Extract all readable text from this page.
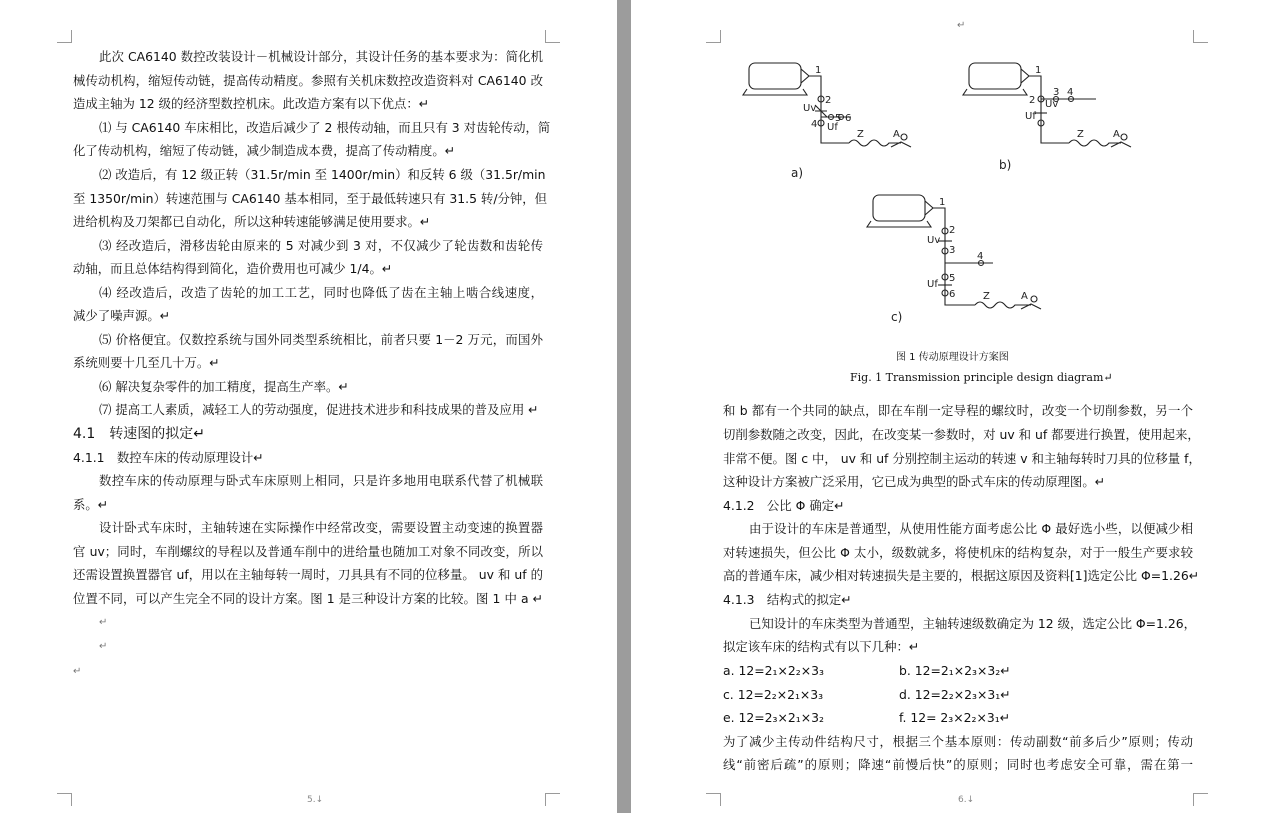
此次 CA6140 数控改装设计－机械设计部分，其设计任务的基本要求为：简化机
械传动机构，缩短传动链，提高传动精度。参照有关机床数控改造资料对 CA6140 改
造成主轴为 12 级的经济型数控机床。此改造方案有以下优点：↵
⑴ 与 CA6140 车床相比，改造后减少了 2 根传动轴，而且只有 3 对齿轮传动，简
化了传动机构，缩短了传动链，减少制造成本费，提高了传动精度。↵
⑵ 改造后，有 12 级正转（31.5r/min 至 1400r/min）和反转 6 级（31.5r/min
至 1350r/min）转速范围与 CA6140 基本相同，至于最低转速只有 31.5 转/分钟，但
进给机构及刀架都已自动化，所以这种转速能够满足使用要求。↵
⑶ 经改造后，滑移齿轮由原来的 5 对减少到 3 对，不仅减少了轮齿数和齿轮传
动轴，而且总体结构得到简化，造价费用也可减少 1/4。↵
⑷ 经改造后，改造了齿轮的加工工艺，同时也降低了齿在主轴上啮合线速度，
减少了噪声源。↵
⑸ 价格便宜。仅数控系统与国外同类型系统相比，前者只要 1－2 万元，而国外
系统则要十几至几十万。↵
⑹ 解决复杂零件的加工精度，提高生产率。↵
⑺ 提高工人素质，减轻工人的劳动强度，促进技术进步和科技成果的普及应用 ↵
4.1　转速图的拟定↵
4.1.1　数控车床的传动原理设计↵
数控车床的传动原理与卧式车床原则上相同，只是许多地用电联系代替了机械联
系。↵
设计卧式车床时，主轴转速在实际操作中经常改变，需要设置主动变速的换置器
官 uv；同时，车削螺纹的导程以及普通车削中的进给量也随加工对象不同改变，所以
还需设置换置器官 uf，用以在主轴每转一周时，刀具具有不同的位移量。 uv 和 uf 的
位置不同，可以产生完全不同的设计方案。图 1 是三种设计方案的比较。图 1 中 a ↵
↵
↵
↵
5.↓
↵
1
2
Uv
4 Uf
5 6
Z	A
a)
1
2 Uv
3 4
Uf
Z	A
b)
1
2
Uv
3
4
5
Uf
6	Z	A
c)
图 1 传动原理设计方案图
Fig. 1 Transmission principle design diagram↵
和 b 都有一个共同的缺点，即在车削一定导程的螺纹时，改变一个切削参数，另一个
切削参数随之改变，因此，在改变某一参数时，对 uv 和 uf 都要进行换置，使用起来，
非常不便。图 c 中， uv 和 uf 分别控制主运动的转速 v 和主轴每转时刀具的位移量 f，
这种设计方案被广泛采用，它已成为典型的卧式车床的传动原理图。↵
4.1.2　公比 Φ 确定↵
由于设计的车床是普通型，从使用性能方面考虑公比 Φ 最好选小些，以便减少相
对转速损失，但公比 Φ 太小，级数就多，将使机床的结构复杂，对于一般生产要求较
高的普通车床，减少相对转速损失是主要的，根据这原因及资料[1]选定公比 Φ=1.26↵
4.1.3　结构式的拟定↵
已知设计的车床类型为普通型，主轴转速级数确定为 12 级，选定公比 Φ=1.26，
拟定该车床的结构式有以下几种：↵
a. 12=2₁×2₂×3₃	b. 12=2₁×2₃×3₂↵
c. 12=2₂×2₁×3₃	d. 12=2₂×2₃×3₁↵
e. 12=2₃×2₁×3₂	f. 12= 2₃×2₂×3₁↵
为了减少主传动件结构尺寸，根据三个基本原则：传动副数“前多后少”原则；传动
线“前密后疏”的原则；降速“前慢后快”的原则；同时也考虑安全可靠，需在第一
6.↓
